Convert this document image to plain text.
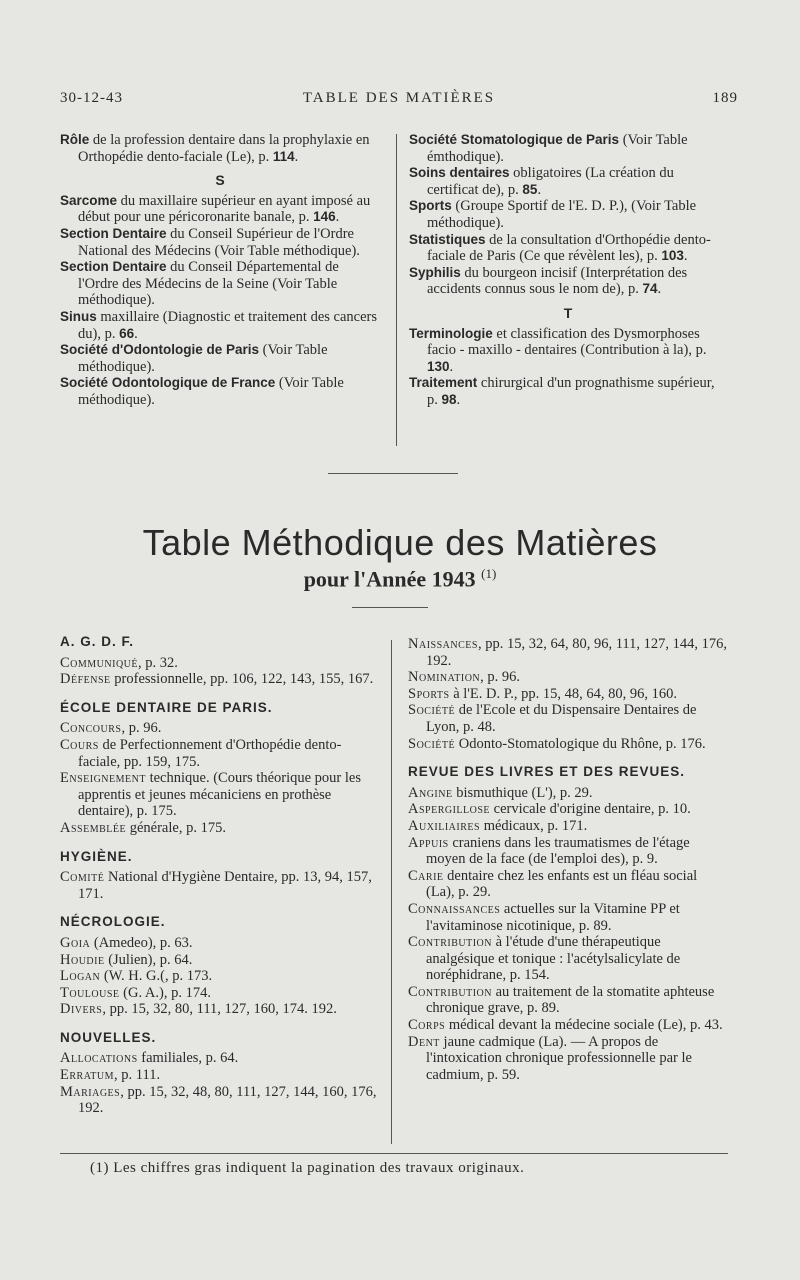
30-12-43	TABLE DES MATIÈRES	189

Rôle de la profession dentaire dans la prophylaxie en Orthopédie dento-faciale (Le), p. 114.

S

Sarcome du maxillaire supérieur en ayant imposé au début pour une péricoronarite banale, p. 146.

Section Dentaire du Conseil Supérieur de l'Ordre National des Médecins (Voir Table méthodique).

Section Dentaire du Conseil Départemental de l'Ordre des Médecins de la Seine (Voir Table méthodique).

Sinus maxillaire (Diagnostic et traitement des cancers du), p. 66.

Société d'Odontologie de Paris (Voir Table méthodique).

Société Odontologique de France (Voir Table méthodique).

Société Stomatologique de Paris (Voir Table émthodique).

Soins dentaires obligatoires (La création du certificat de), p. 85.

Sports (Groupe Sportif de l'E. D. P.), (Voir Table méthodique).

Statistiques de la consultation d'Orthopédie dento-faciale de Paris (Ce que révèlent les), p. 103.

Syphilis du bourgeon incisif (Interprétation des accidents connus sous le nom de), p. 74.

T

Terminologie et classification des Dysmorphoses facio - maxillo - dentaires (Contribution à la), p. 130.

Traitement chirurgical d'un prognathisme supérieur, p. 98.

Table Méthodique des Matières
pour l'Année 1943 $^{(1)}$
A. G. D. F.

Communiqué, p. 32.

Défense professionnelle, pp. 106, 122, 143, 155, 167.

ÉCOLE DENTAIRE DE PARIS.

Concours, p. 96.

Cours de Perfectionnement d'Orthopédie dento-faciale, pp. 159, 175.

Enseignement technique. (Cours théorique pour les apprentis et jeunes mécaniciens en prothèse dentaire), p. 175.

Assemblée générale, p. 175.

HYGIÈNE.

Comité National d'Hygiène Dentaire, pp. 13, 94, 157, 171.

NÉCROLOGIE.

Goia (Amedeo), p. 63.

Houdie (Julien), p. 64.

Logan (W. H. G.(, p. 173.

Toulouse (G. A.), p. 174.

Divers, pp. 15, 32, 80, 111, 127, 160, 174. 192.

NOUVELLES.

Allocations familiales, p. 64.

Erratum, p. 111.

Mariages, pp. 15, 32, 48, 80, 111, 127, 144, 160, 176, 192.

Naissances, pp. 15, 32, 64, 80, 96, 111, 127, 144, 176, 192.

Nomination, p. 96.

Sports à l'E. D. P., pp. 15, 48, 64, 80, 96, 160.

Société de l'Ecole et du Dispensaire Dentaires de Lyon, p. 48.

Société Odonto-Stomatologique du Rhône, p. 176.

REVUE DES LIVRES ET DES REVUES.

Angine bismuthique (L'), p. 29.

Aspergillose cervicale d'origine dentaire, p. 10.

Auxiliaires médicaux, p. 171.

Appuis craniens dans les traumatismes de l'étage moyen de la face (de l'emploi des), p. 9.

Carie dentaire chez les enfants est un fléau social (La), p. 29.

Connaissances actuelles sur la Vitamine PP et l'avitaminose nicotinique, p. 89.

Contribution à l'étude d'une thérapeutique analgésique et tonique : l'acétylsalicylate de noréphidrane, p. 154.

Contribution au traitement de la stomatite aphteuse chronique grave, p. 89.

Corps médical devant la médecine sociale (Le), p. 43.

Dent jaune cadmique (La). — A propos de l'intoxication chronique professionnelle par le cadmium, p. 59.

(1) Les chiffres gras indiquent la pagination des travaux originaux.
